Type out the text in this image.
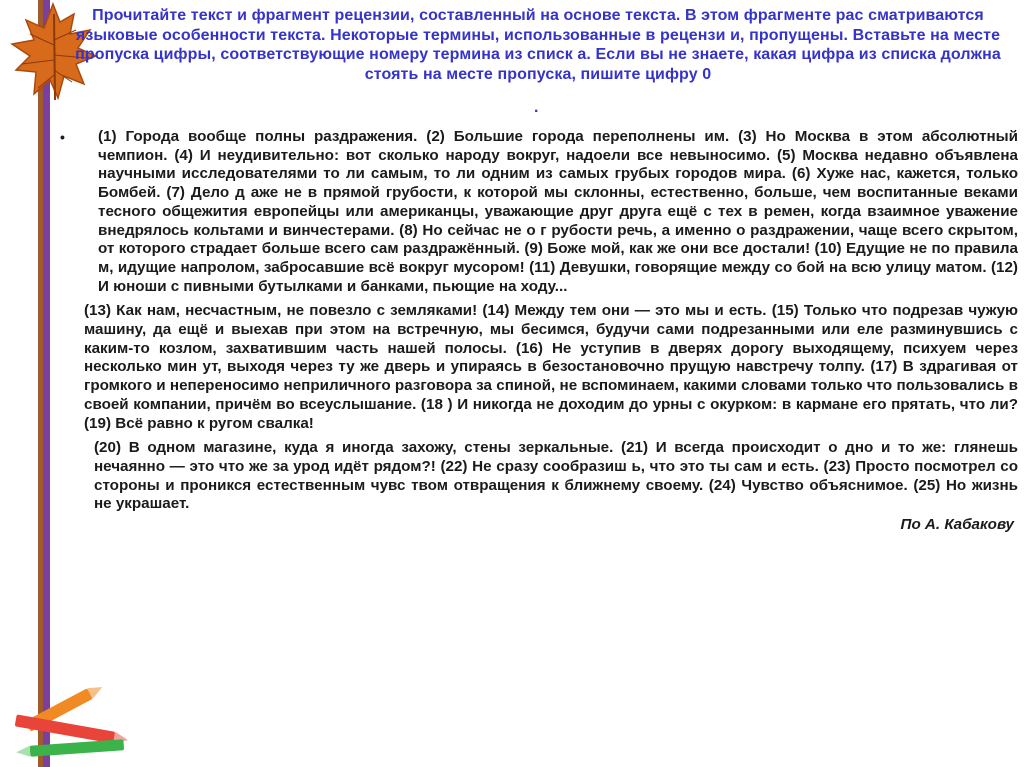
Прочитайте текст и фрагмент рецензии, составленный на основе текста. В этом фрагменте рас сматриваются языковые особенности текста. Некоторые термины, использованные в рецензи и, пропущены. Вставьте на месте пропуска цифры, соответствующие номеру термина из списк а. Если вы не знаете, какая цифра из списка должна стоять на месте пропуска, пишите цифру 0
.
• (1) Города вообще полны раздражения. (2) Большие города переполнены им. (3) Но Москва в этом абсолютный чемпион. (4) И неудивительно: вот сколько народу вокруг, надоели все невыносимо. (5) Москва недавно объявлена научными исследователями то ли самым, то ли одним из самых грубых городов мира. (6) Хуже нас, кажется, только Бомбей. (7) Дело д аже не в прямой грубости, к которой мы склонны, естественно, больше, чем воспитанные веками тесного общежития европейцы или американцы, уважающие друг друга ещё с тех в ремен, когда взаимное уважение внедрялось кольтами и винчестерами. (8) Но сейчас не о г рубости речь, а именно о раздражении, чаще всего скрытом, от которого страдает больше всего сам раздражённый. (9) Боже мой, как же они все достали! (10) Едущие не по правила м, идущие напролом, забросавшие всё вокруг мусором! (11) Девушки, говорящие между со бой на всю улицу матом. (12) И юноши с пивными бутылками и банками, пьющие на ходу...
(13) Как нам, несчастным, не повезло с земляками! (14) Между тем они — это мы и есть. (15) Только что подрезав чужую машину, да ещё и выехав при этом на встречную, мы бесимся, будучи сами подрезанными или еле разминувшись с каким-то козлом, захватившим часть нашей полосы. (16) Не уступив в дверях дорогу выходящему, психуем через несколько мин ут, выходя через ту же дверь и упираясь в безостановочно прущую навстречу толпу. (17) В здрагивая от громкого и непереносимо неприличного разговора за спиной, не вспоминаем, какими словами только что пользовались в своей компании, причём во всеуслышание. (18 ) И никогда не доходим до урны с окурком: в кармане его прятать, что ли? (19) Всё равно к ругом свалка!
(20) В одном магазине, куда я иногда захожу, стены зеркальные. (21) И всегда происходит о дно и то же: глянешь нечаянно — это что же за урод идёт рядом?! (22) Не сразу сообразиш ь, что это ты сам и есть. (23) Просто посмотрел со стороны и проникся естественным чувс твом отвращения к ближнему своему. (24) Чувство объяснимое. (25) Но жизнь не украшает.
По А. Кабакову
